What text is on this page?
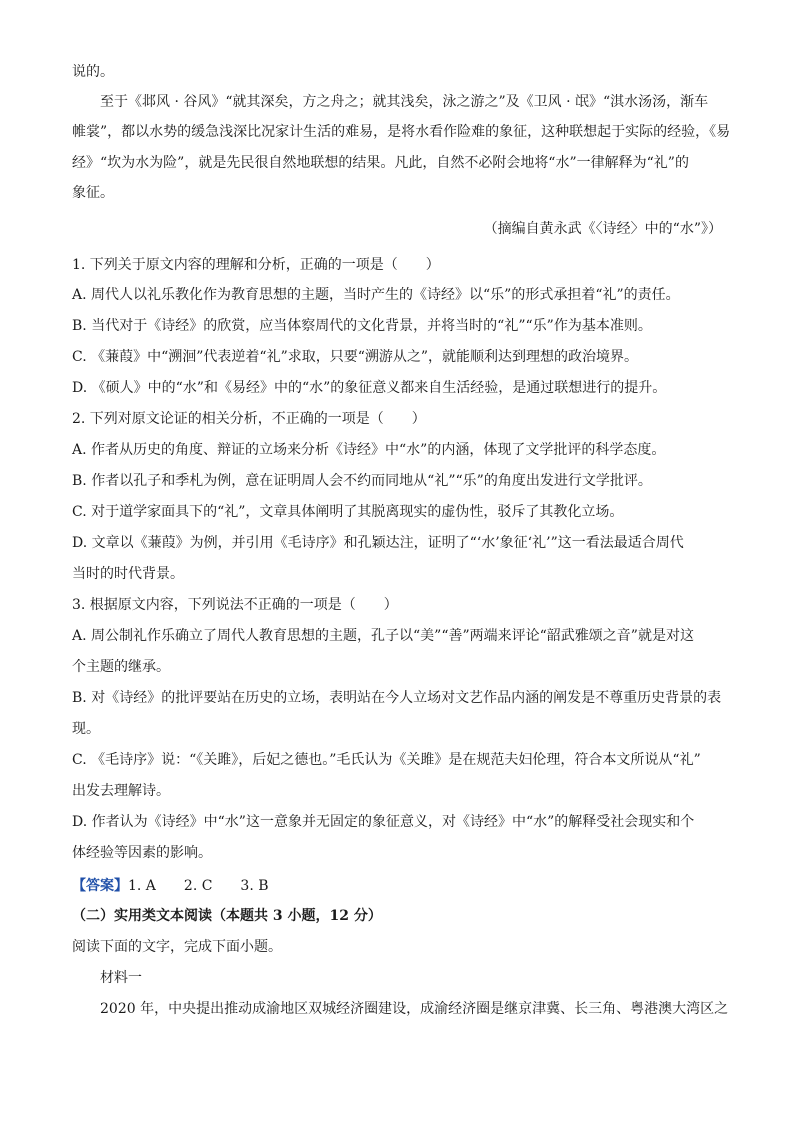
说的。
至于《邶风 · 谷风》“就其深矣，方之舟之；就其浅矣，泳之游之”及《卫风 · 氓》“淇水汤汤，渐车
帷裳”，都以水势的缓急浅深比况家计生活的难易，是将水看作险难的象征，这种联想起于实际的经验，《易
经》“坎为水为险”，就是先民很自然地联想的结果。凡此，自然不必附会地将“水”一律解释为“礼”的
象征。
（摘编自黄永武《〈诗经〉中的“水”》）
1. 下列关于原文内容的理解和分析，正确的一项是（　　）
A. 周代人以礼乐教化作为教育思想的主题，当时产生的《诗经》以“乐”的形式承担着“礼”的责任。
B. 当代对于《诗经》的欣赏，应当体察周代的文化背景，并将当时的“礼”“乐”作为基本准则。
C. 《蒹葭》中“溯洄”代表逆着“礼”求取，只要“溯游从之”，就能顺利达到理想的政治境界。
D. 《硕人》中的“水”和《易经》中的“水”的象征意义都来自生活经验，是通过联想进行的提升。
2. 下列对原文论证的相关分析，不正确的一项是（　　）
A. 作者从历史的角度、辩证的立场来分析《诗经》中“水”的内涵，体现了文学批评的科学态度。
B. 作者以孔子和季札为例，意在证明周人会不约而同地从“礼”“乐”的角度出发进行文学批评。
C. 对于道学家面具下的“礼”，文章具体阐明了其脱离现实的虚伪性，驳斥了其教化立场。
D. 文章以《蒹葭》为例，并引用《毛诗序》和孔颖达注，证明了“‘水’象征‘礼’”这一看法最适合周代
当时的时代背景。
3. 根据原文内容，下列说法不正确的一项是（　　）
A. 周公制礼作乐确立了周代人教育思想的主题，孔子以“美”“善”两端来评论“韶武雅颂之音”就是对这
个主题的继承。
B. 对《诗经》的批评要站在历史的立场，表明站在今人立场对文艺作品内涵的阐发是不尊重历史背景的表
现。
C. 《毛诗序》说：“《关雎》，后妃之德也。”毛氏认为《关雎》是在规范夫妇伦理，符合本文所说从“礼”
出发去理解诗。
D. 作者认为《诗经》中“水”这一意象并无固定的象征意义，对《诗经》中“水”的解释受社会现实和个
体经验等因素的影响。
【答案】1. A　　2. C　　3. B
（二）实用类文本阅读（本题共 3 小题，12 分）
阅读下面的文字，完成下面小题。
材料一
2020 年，中央提出推动成渝地区双城经济圈建设，成渝经济圈是继京津冀、长三角、粤港澳大湾区之
